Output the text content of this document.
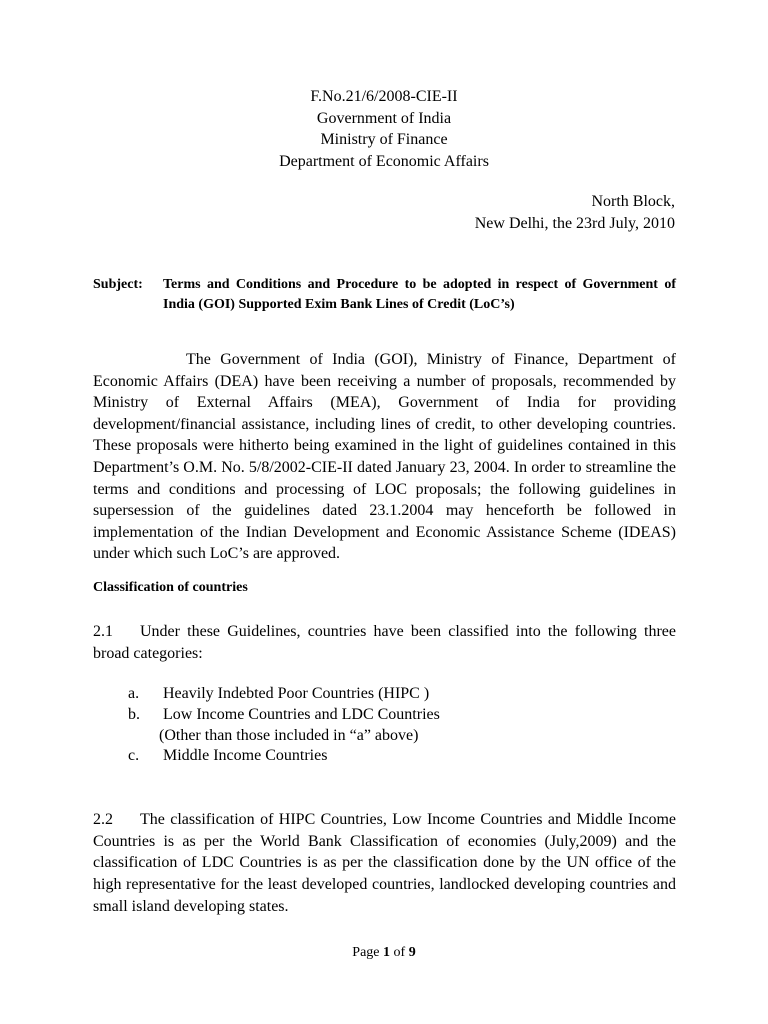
F.No.21/6/2008-CIE-II
Government of India
Ministry of Finance
Department of Economic Affairs
North Block,
New Delhi, the 23rd July, 2010
Subject: Terms and Conditions and Procedure to be adopted in respect of Government of India (GOI) Supported Exim Bank Lines of Credit (LoC’s)
The Government of India (GOI), Ministry of Finance, Department of Economic Affairs (DEA) have been receiving a number of proposals, recommended by Ministry of External Affairs (MEA), Government of India for providing development/financial assistance, including lines of credit, to other developing countries. These proposals were hitherto being examined in the light of guidelines contained in this Department’s O.M. No. 5/8/2002-CIE-II dated January 23, 2004. In order to streamline the terms and conditions and processing of LOC proposals; the following guidelines in supersession of the guidelines dated 23.1.2004 may henceforth be followed in implementation of the Indian Development and Economic Assistance Scheme (IDEAS) under which such LoC’s are approved.
Classification of countries
2.1 Under these Guidelines, countries have been classified into the following three broad categories:
a. Heavily Indebted Poor Countries (HIPC )
b. Low Income Countries and LDC Countries
(Other than those included in “a” above)
c. Middle Income Countries
2.2 The classification of HIPC Countries, Low Income Countries and Middle Income Countries is as per the World Bank Classification of economies (July,2009) and the classification of LDC Countries is as per the classification done by the UN office of the high representative for the least developed countries, landlocked developing countries and small island developing states.
Page 1 of 9
